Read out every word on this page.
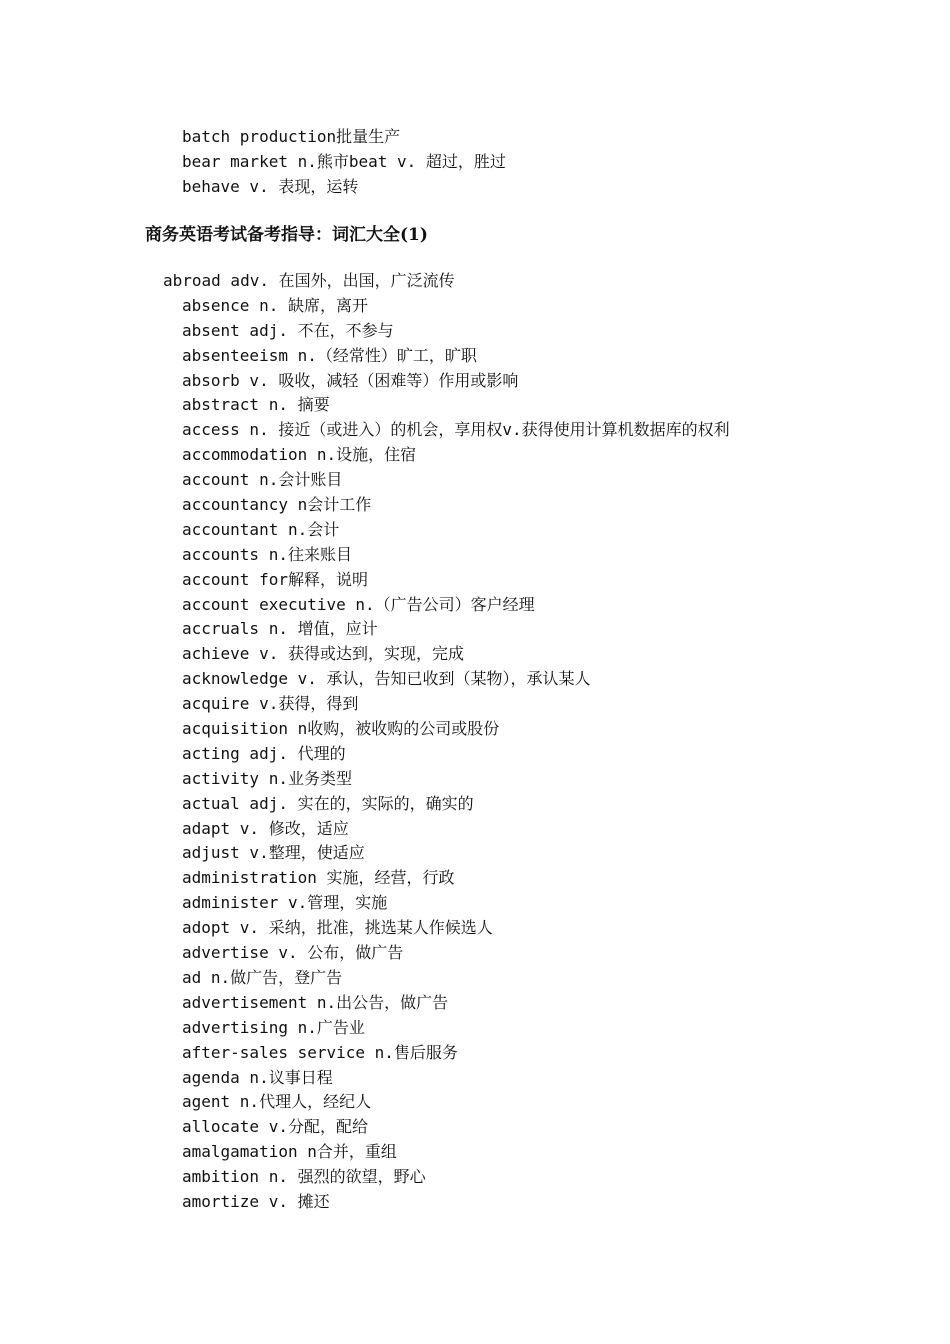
batch production批量生产
bear market n.熊市beat v. 超过，胜过
behave v. 表现，运转
商务英语考试备考指导：词汇大全(1)
abroad adv. 在国外，出国，广泛流传
absence n. 缺席，离开
absent adj. 不在，不参与
absenteeism n.（经常性）旷工，旷职
absorb v. 吸收，减轻（困难等）作用或影响
abstract n. 摘要
access n. 接近（或进入）的机会，享用权v.获得使用计算机数据库的权利
accommodation n.设施，住宿
account n.会计账目
accountancy n会计工作
accountant n.会计
accounts n.往来账目
account for解释，说明
account executive n.（广告公司）客户经理
accruals n. 增值，应计
achieve v. 获得或达到，实现，完成
acknowledge v. 承认，告知已收到（某物），承认某人
acquire v.获得，得到
acquisition n收购，被收购的公司或股份
acting adj. 代理的
activity n.业务类型
actual adj. 实在的，实际的，确实的
adapt v. 修改，适应
adjust v.整理，使适应
administration 实施，经营，行政
administer v.管理，实施
adopt v. 采纳，批准，挑选某人作候选人
advertise v. 公布，做广告
ad n.做广告，登广告
advertisement n.出公告，做广告
advertising n.广告业
after-sales service n.售后服务
agenda n.议事日程
agent n.代理人，经纪人
allocate v.分配，配给
amalgamation n合并，重组
ambition n. 强烈的欲望，野心
amortize v. 摊还
